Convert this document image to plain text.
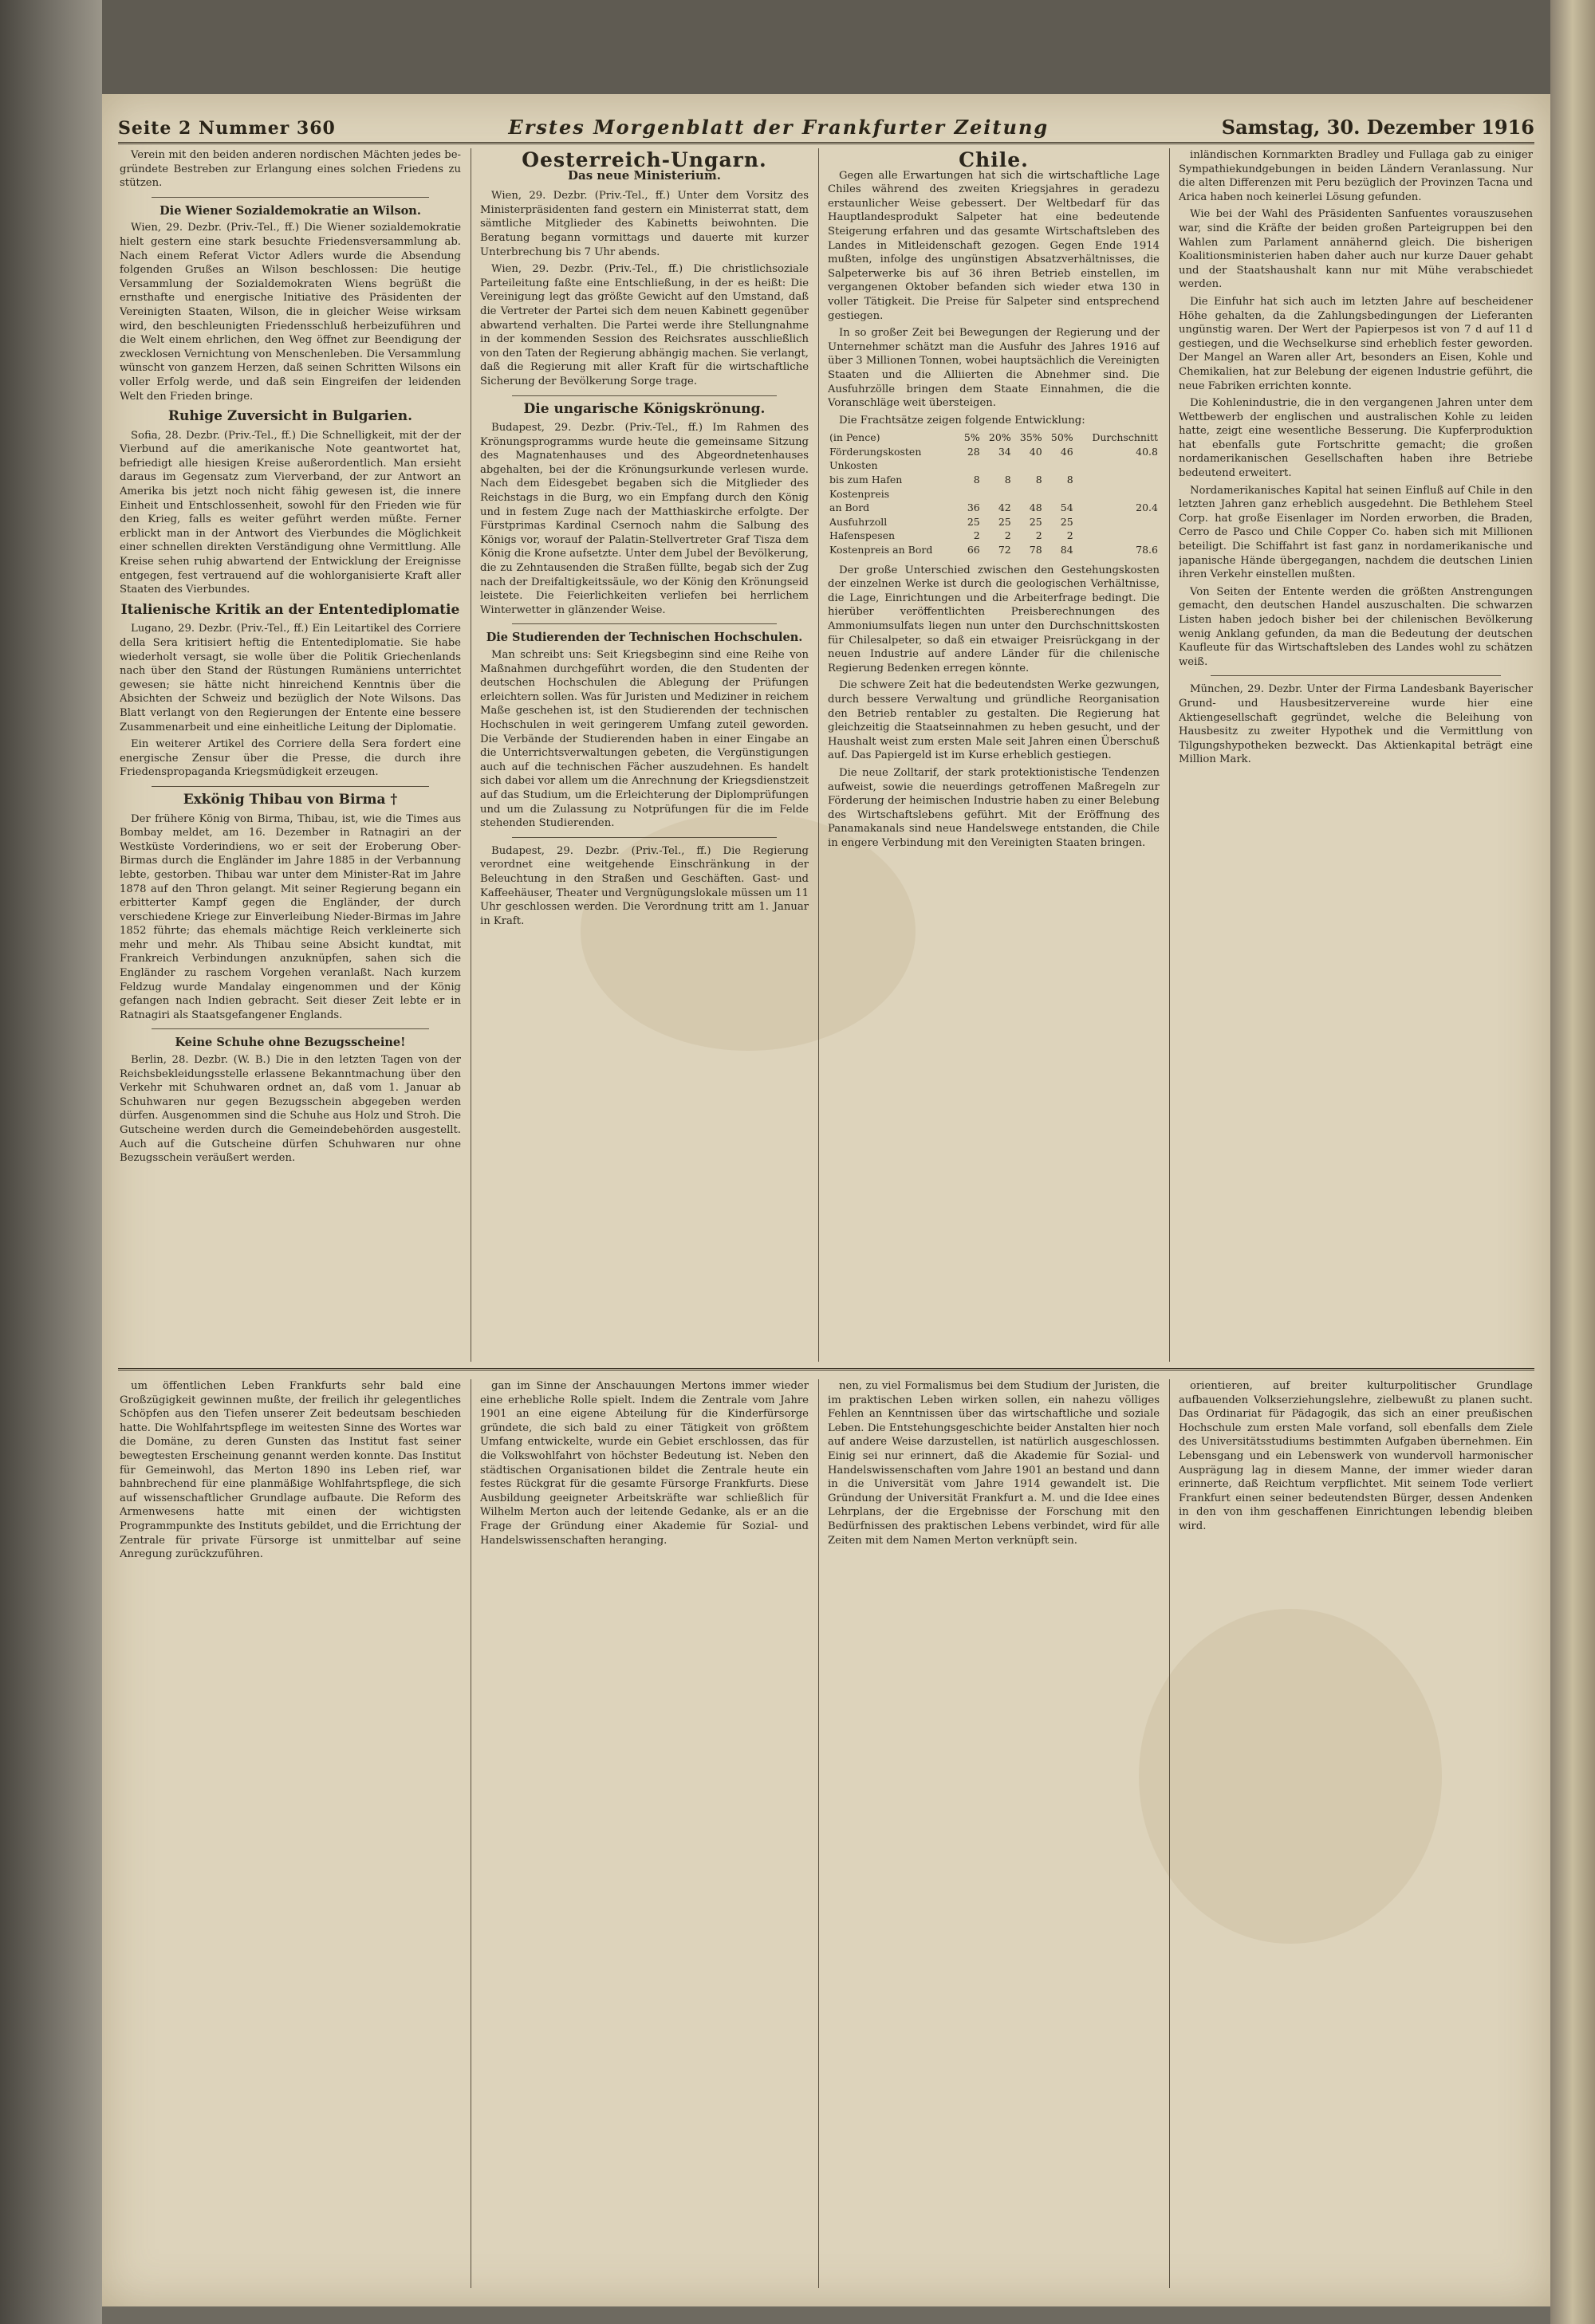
Seite 2 Nummer 360	Erstes Morgenblatt der Frankfurter Zeitung	Samstag, 30. Dezember 1916

Verein mit den beiden anderen nordischen Mächten jedes be-gründete Bestreben zur Erlangung eines solchen Friedens zu stützen.

Die Wiener Sozialdemokratie an Wilson.

Wien, 29. Dezbr. (Priv.-Tel., ff.) Die Wiener sozialdemokratie hielt gestern eine stark besuchte Friedensversammlung ab. Nach einem Referat Victor Adlers wurde die Absendung folgenden Grußes an Wilson beschlossen: Die heutige Versammlung der Sozialdemokraten Wiens begrüßt die ernsthafte und energische Initiative des Präsidenten der Vereinigten Staaten, Wilson, die in gleicher Weise wirksam wird, den beschleunigten Friedensschluß herbeizuführen und die Welt einem ehrlichen, den Weg öffnet zur Beendigung der zwecklosen Vernichtung von Menschenleben. Die Versammlung wünscht von ganzem Herzen, daß seinen Schritten Wilsons ein voller Erfolg werde, und daß sein Eingreifen der leidenden Welt den Frieden bringe.

Ruhige Zuversicht in Bulgarien.

Sofia, 28. Dezbr. (Priv.-Tel., ff.) Die Schnelligkeit, mit der der Vierbund auf die amerikanische Note geantwortet hat, befriedigt alle hiesigen Kreise außerordentlich. Man ersieht daraus im Gegensatz zum Vierverband, der zur Antwort an Amerika bis jetzt noch nicht fähig gewesen ist, die innere Einheit und Entschlossenheit, sowohl für den Frieden wie für den Krieg, falls es weiter geführt werden müßte. Ferner erblickt man in der Antwort des Vierbundes die Möglichkeit einer schnellen direkten Verständigung ohne Vermittlung. Alle Kreise sehen ruhig abwartend der Entwicklung der Ereignisse entgegen, fest vertrauend auf die wohlorganisierte Kraft aller Staaten des Vierbundes.

Italienische Kritik an der Ententediplomatie

Lugano, 29. Dezbr. (Priv.-Tel., ff.) Ein Leitartikel des Corriere della Sera kritisiert heftig die Ententediplomatie. Sie habe wiederholt versagt, sie wolle über die Politik Griechenlands nach über den Stand der Rüstungen Rumäniens unterrichtet gewesen; sie hätte nicht hinreichend Kenntnis über die Absichten der Schweiz und bezüglich der Note Wilsons. Das Blatt verlangt von den Regierungen der Entente eine bessere Zusammenarbeit und eine einheitliche Leitung der Diplomatie.

Ein weiterer Artikel des Corriere della Sera fordert eine energische Zensur über die Presse, die durch ihre Friedenspropaganda Kriegsmüdigkeit erzeugen.

Exkönig Thibau von Birma †

Der frühere König von Birma, Thibau, ist, wie die Times aus Bombay meldet, am 16. Dezember in Ratnagiri an der Westküste Vorderindiens, wo er seit der Eroberung Ober-Birmas durch die Engländer im Jahre 1885 in der Verbannung lebte, gestorben. Thibau war unter dem Minister-Rat im Jahre 1878 auf den Thron gelangt. Mit seiner Regierung begann ein erbitterter Kampf gegen die Engländer, der durch verschiedene Kriege zur Einverleibung Nieder-Birmas im Jahre 1852 führte; das ehemals mächtige Reich verkleinerte sich mehr und mehr. Als Thibau seine Absicht kundtat, mit Frankreich Verbindungen anzuknüpfen, sahen sich die Engländer zu raschem Vorgehen veranlaßt. Nach kurzem Feldzug wurde Mandalay eingenommen und der König gefangen nach Indien gebracht. Seit dieser Zeit lebte er in Ratnagiri als Staatsgefangener Englands.

Keine Schuhe ohne Bezugsscheine!

Berlin, 28. Dezbr. (W. B.) Die in den letzten Tagen von der Reichsbekleidungsstelle erlassene Bekanntmachung über den Verkehr mit Schuhwaren ordnet an, daß vom 1. Januar ab Schuhwaren nur gegen Bezugsschein abgegeben werden dürfen. Ausgenommen sind die Schuhe aus Holz und Stroh. Die Gutscheine werden durch die Gemeindebehörden ausgestellt. Auch auf die Gutscheine dürfen Schuhwaren nur ohne Bezugsschein veräußert werden.

Oesterreich-Ungarn.
Das neue Ministerium.

Wien, 29. Dezbr. (Priv.-Tel., ff.) Unter dem Vorsitz des Ministerpräsidenten fand gestern ein Ministerrat statt, dem sämtliche Mitglieder des Kabinetts beiwohnten. Die Beratung begann vormittags und dauerte mit kurzer Unterbrechung bis 7 Uhr abends.

Wien, 29. Dezbr. (Priv.-Tel., ff.) Die christlichsoziale Parteileitung faßte eine Entschließung, in der es heißt: Die Vereinigung legt das größte Gewicht auf den Umstand, daß die Vertreter der Partei sich dem neuen Kabinett gegenüber abwartend verhalten. Die Partei werde ihre Stellungnahme in der kommenden Session des Reichsrates ausschließlich von den Taten der Regierung abhängig machen. Sie verlangt, daß die Regierung mit aller Kraft für die wirtschaftliche Sicherung der Bevölkerung Sorge trage.

Die ungarische Königskrönung.

Budapest, 29. Dezbr. (Priv.-Tel., ff.) Im Rahmen des Krönungsprogramms wurde heute die gemeinsame Sitzung des Magnatenhauses und des Abgeordnetenhauses abgehalten, bei der die Krönungsurkunde verlesen wurde. Nach dem Eidesgebet begaben sich die Mitglieder des Reichstags in die Burg, wo ein Empfang durch den König und in festem Zuge nach der Matthiaskirche erfolgte. Der Fürstprimas Kardinal Csernoch nahm die Salbung des Königs vor, worauf der Palatin-Stellvertreter Graf Tisza dem König die Krone aufsetzte. Unter dem Jubel der Bevölkerung, die zu Zehntausenden die Straßen füllte, begab sich der Zug nach der Dreifaltigkeitssäule, wo der König den Krönungseid leistete. Die Feierlichkeiten verliefen bei herrlichem Winterwetter in glänzender Weise.

Die Studierenden der Technischen Hochschulen.

Man schreibt uns: Seit Kriegsbeginn sind eine Reihe von Maßnahmen durchgeführt worden, die den Studenten der deutschen Hochschulen die Ablegung der Prüfungen erleichtern sollen. Was für Juristen und Mediziner in reichem Maße geschehen ist, ist den Studierenden der technischen Hochschulen in weit geringerem Umfang zuteil geworden. Die Verbände der Studierenden haben in einer Eingabe an die Unterrichtsverwaltungen gebeten, die Vergünstigungen auch auf die technischen Fächer auszudehnen. Es handelt sich dabei vor allem um die Anrechnung der Kriegsdienstzeit auf das Studium, um die Erleichterung der Diplomprüfungen und um die Zulassung zu Notprüfungen für die im Felde stehenden Studierenden.

Budapest, 29. Dezbr. (Priv.-Tel., ff.) Die Regierung verordnet eine weitgehende Einschränkung in der Beleuchtung in den Straßen und Geschäften. Gast- und Kaffeehäuser, Theater und Vergnügungslokale müssen um 11 Uhr geschlossen werden. Die Verordnung tritt am 1. Januar in Kraft.

Chile.

Gegen alle Erwartungen hat sich die wirtschaftliche Lage Chiles während des zweiten Kriegsjahres in geradezu erstaunlicher Weise gebessert. Der Weltbedarf für das Hauptlandesprodukt Salpeter hat eine bedeutende Steigerung erfahren und das gesamte Wirtschaftsleben des Landes in Mitleidenschaft gezogen. Gegen Ende 1914 mußten, infolge des ungünstigen Absatzverhältnisses, die Salpeterwerke bis auf 36 ihren Betrieb einstellen, im vergangenen Oktober befanden sich wieder etwa 130 in voller Tätigkeit. Die Preise für Salpeter sind entsprechend gestiegen.

In so großer Zeit bei Bewegungen der Regierung und der Unternehmer schätzt man die Ausfuhr des Jahres 1916 auf über 3 Millionen Tonnen, wobei hauptsächlich die Vereinigten Staaten und die Alliierten die Abnehmer sind. Die Ausfuhrzölle bringen dem Staate Einnahmen, die die Voranschläge weit übersteigen.

Die Frachtsätze zeigen folgende Entwicklung:

(in Pence)	5%	20%	35%	50%	Durchschnitt
Förderungskosten	28	34	40	46	40.8
Unkosten					
bis zum Hafen	8	8	8	8	
Kostenpreis					
an Bord	36	42	48	54	20.4
Ausfuhrzoll	25	25	25	25	
Hafenspesen	2	2	2	2	
Kostenpreis an Bord	66	72	78	84	78.6

Der große Unterschied zwischen den Gestehungskosten der einzelnen Werke ist durch die geologischen Verhältnisse, die Lage, Einrichtungen und die Arbeiterfrage bedingt. Die hierüber veröffentlichten Preisberechnungen des Ammoniumsulfats liegen nun unter den Durchschnittskosten für Chilesalpeter, so daß ein etwaiger Preisrückgang in der neuen Industrie auf andere Länder für die chilenische Regierung Bedenken erregen könnte.

Die schwere Zeit hat die bedeutendsten Werke gezwungen, durch bessere Verwaltung und gründliche Reorganisation den Betrieb rentabler zu gestalten. Die Regierung hat gleichzeitig die Staatseinnahmen zu heben gesucht, und der Haushalt weist zum ersten Male seit Jahren einen Überschuß auf. Das Papiergeld ist im Kurse erheblich gestiegen.

Die neue Zolltarif, der stark protektionistische Tendenzen aufweist, sowie die neuerdings getroffenen Maßregeln zur Förderung der heimischen Industrie haben zu einer Belebung des Wirtschaftslebens geführt. Mit der Eröffnung des Panamakanals sind neue Handelswege entstanden, die Chile in engere Verbindung mit den Vereinigten Staaten bringen.

inländischen Kornmarkten Bradley und Fullaga gab zu einiger Sympathiekundgebungen in beiden Ländern Veranlassung. Nur die alten Differenzen mit Peru bezüglich der Provinzen Tacna und Arica haben noch keinerlei Lösung gefunden.

Wie bei der Wahl des Präsidenten Sanfuentes vorauszusehen war, sind die Kräfte der beiden großen Parteigruppen bei den Wahlen zum Parlament annähernd gleich. Die bisherigen Koalitionsministerien haben daher auch nur kurze Dauer gehabt und der Staatshaushalt kann nur mit Mühe verabschiedet werden.

Die Einfuhr hat sich auch im letzten Jahre auf bescheidener Höhe gehalten, da die Zahlungsbedingungen der Lieferanten ungünstig waren. Der Wert der Papierpesos ist von 7 d auf 11 d gestiegen, und die Wechselkurse sind erheblich fester geworden. Der Mangel an Waren aller Art, besonders an Eisen, Kohle und Chemikalien, hat zur Belebung der eigenen Industrie geführt, die neue Fabriken errichten konnte.

Die Kohlenindustrie, die in den vergangenen Jahren unter dem Wettbewerb der englischen und australischen Kohle zu leiden hatte, zeigt eine wesentliche Besserung. Die Kupferproduktion hat ebenfalls gute Fortschritte gemacht; die großen nordamerikanischen Gesellschaften haben ihre Betriebe bedeutend erweitert.

Nordamerikanisches Kapital hat seinen Einfluß auf Chile in den letzten Jahren ganz erheblich ausgedehnt. Die Bethlehem Steel Corp. hat große Eisenlager im Norden erworben, die Braden, Cerro de Pasco und Chile Copper Co. haben sich mit Millionen beteiligt. Die Schiffahrt ist fast ganz in nordamerikanische und japanische Hände übergegangen, nachdem die deutschen Linien ihren Verkehr einstellen mußten.

Von Seiten der Entente werden die größten Anstrengungen gemacht, den deutschen Handel auszuschalten. Die schwarzen Listen haben jedoch bisher bei der chilenischen Bevölkerung wenig Anklang gefunden, da man die Bedeutung der deutschen Kaufleute für das Wirtschaftsleben des Landes wohl zu schätzen weiß.

München, 29. Dezbr. Unter der Firma Landesbank Bayerischer Grund- und Hausbesitzervereine wurde hier eine Aktiengesellschaft gegründet, welche die Beleihung von Hausbesitz zu zweiter Hypothek und die Vermittlung von Tilgungshypotheken bezweckt. Das Aktienkapital beträgt eine Million Mark.

um öffentlichen Leben Frankfurts sehr bald eine Großzügigkeit gewinnen mußte, der freilich ihr gelegentliches Schöpfen aus den Tiefen unserer Zeit bedeutsam beschieden hatte. Die Wohlfahrtspflege im weitesten Sinne des Wortes war die Domäne, zu deren Gunsten das Institut fast seiner bewegtesten Erscheinung genannt werden konnte. Das Institut für Gemeinwohl, das Merton 1890 ins Leben rief, war bahnbrechend für eine planmäßige Wohlfahrtspflege, die sich auf wissenschaftlicher Grundlage aufbaute. Die Reform des Armenwesens hatte mit einen der wichtigsten Programmpunkte des Instituts gebildet, und die Errichtung der Zentrale für private Fürsorge ist unmittelbar auf seine Anregung zurückzuführen.

gan im Sinne der Anschauungen Mertons immer wieder eine erhebliche Rolle spielt. Indem die Zentrale vom Jahre 1901 an eine eigene Abteilung für die Kinderfürsorge gründete, die sich bald zu einer Tätigkeit von größtem Umfang entwickelte, wurde ein Gebiet erschlossen, das für die Volkswohlfahrt von höchster Bedeutung ist. Neben den städtischen Organisationen bildet die Zentrale heute ein festes Rückgrat für die gesamte Fürsorge Frankfurts. Diese Ausbildung geeigneter Arbeitskräfte war schließlich für Wilhelm Merton auch der leitende Gedanke, als er an die Frage der Gründung einer Akademie für Sozial- und Handelswissenschaften heranging.

nen, zu viel Formalismus bei dem Studium der Juristen, die im praktischen Leben wirken sollen, ein nahezu völliges Fehlen an Kenntnissen über das wirtschaftliche und soziale Leben. Die Entstehungsgeschichte beider Anstalten hier noch auf andere Weise darzustellen, ist natürlich ausgeschlossen. Einig sei nur erinnert, daß die Akademie für Sozial- und Handelswissenschaften vom Jahre 1901 an bestand und dann in die Universität vom Jahre 1914 gewandelt ist. Die Gründung der Universität Frankfurt a. M. und die Idee eines Lehrplans, der die Ergebnisse der Forschung mit den Bedürfnissen des praktischen Lebens verbindet, wird für alle Zeiten mit dem Namen Merton verknüpft sein.

orientieren, auf breiter kulturpolitischer Grundlage aufbauenden Volkserziehungslehre, zielbewußt zu planen sucht. Das Ordinariat für Pädagogik, das sich an einer preußischen Hochschule zum ersten Male vorfand, soll ebenfalls dem Ziele des Universitätsstudiums bestimmten Aufgaben übernehmen. Ein Lebensgang und ein Lebenswerk von wundervoll harmonischer Ausprägung lag in diesem Manne, der immer wieder daran erinnerte, daß Reichtum verpflichtet. Mit seinem Tode verliert Frankfurt einen seiner bedeutendsten Bürger, dessen Andenken in den von ihm geschaffenen Einrichtungen lebendig bleiben wird.
